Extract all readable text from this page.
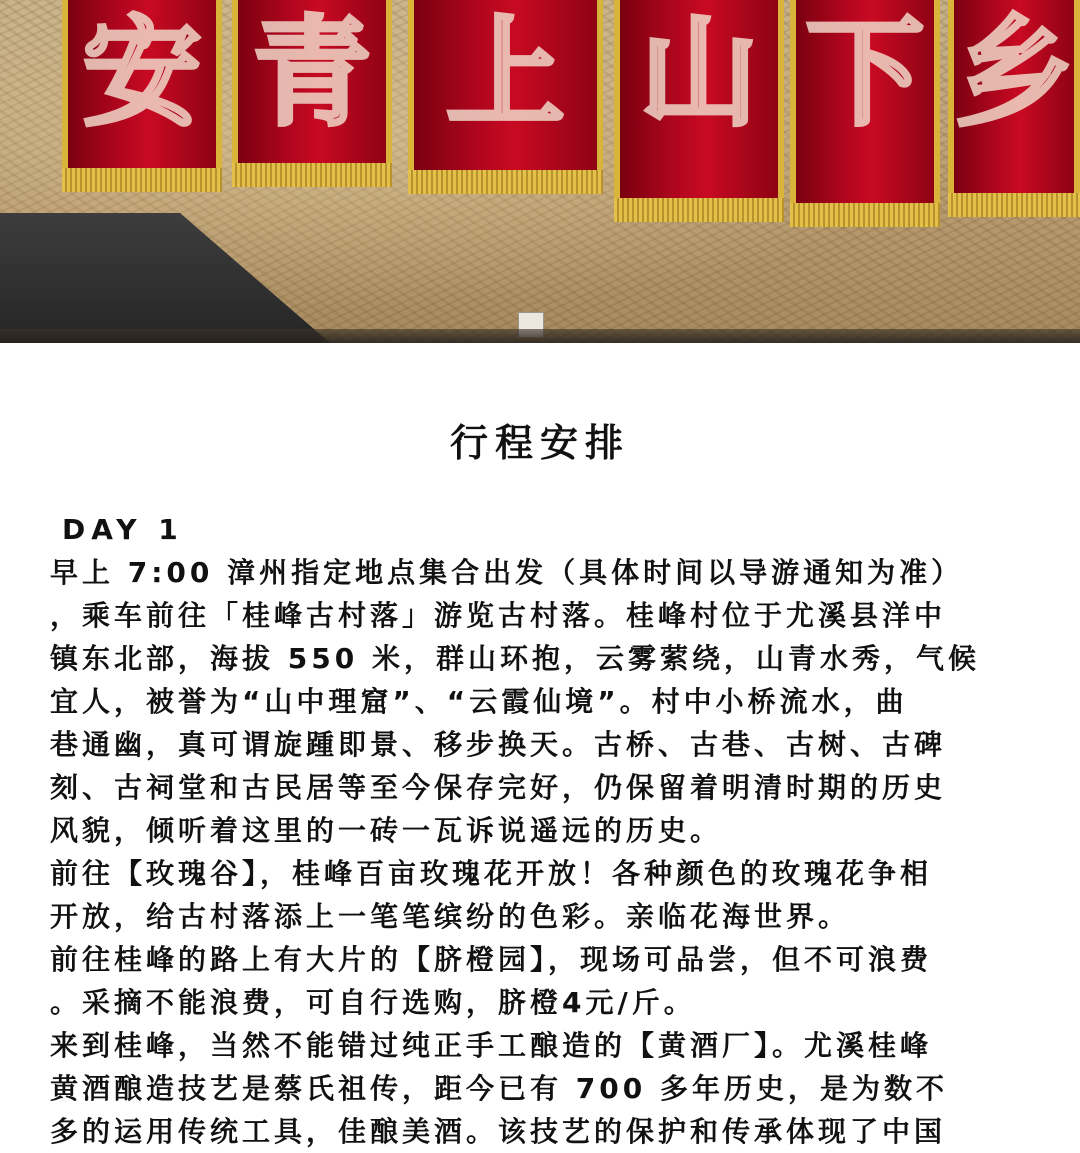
安 青 上 山 下 乡
行程安排
DAY 1
早上 7:00 漳州指定地点集合出发（具体时间以导游通知为准）
，乘车前往「桂峰古村落」游览古村落。桂峰村位于尤溪县洋中
镇东北部，海拔 550 米，群山环抱，云雾萦绕，山青水秀，气候
宜人，被誉为“山中理窟”、“云霞仙境”。村中小桥流水，曲
巷通幽，真可谓旋踵即景、移步换天。古桥、古巷、古树、古碑
刻、古祠堂和古民居等至今保存完好，仍保留着明清时期的历史
风貌，倾听着这里的一砖一瓦诉说遥远的历史。
前往【玫瑰谷】，桂峰百亩玫瑰花开放！各种颜色的玫瑰花争相
开放，给古村落添上一笔笔缤纷的色彩。亲临花海世界。
前往桂峰的路上有大片的【脐橙园】，现场可品尝，但不可浪费
。采摘不能浪费，可自行选购，脐橙4元/斤。
来到桂峰，当然不能错过纯正手工酿造的【黄酒厂】。尤溪桂峰
黄酒酿造技艺是蔡氏祖传，距今已有 700 多年历史，是为数不
多的运用传统工具，佳酿美酒。该技艺的保护和传承体现了中国
